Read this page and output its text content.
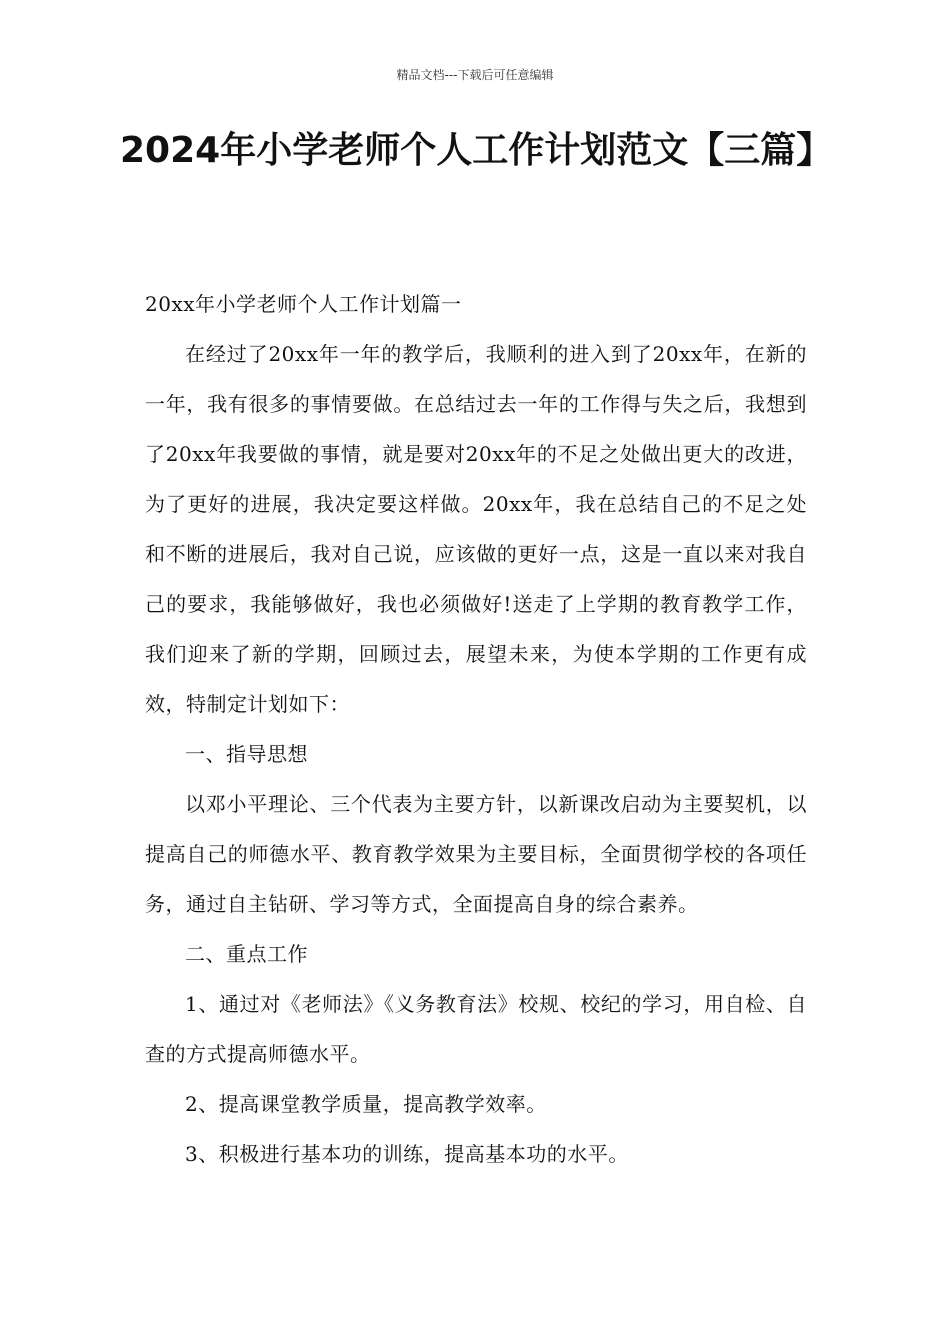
精品文档---下载后可任意编辑
2024年小学老师个人工作计划范文【三篇】

20xx年小学老师个人工作计划篇一

在经过了20xx年一年的教学后，我顺利的进入到了20xx年，在新的一年，我有很多的事情要做。在总结过去一年的工作得与失之后，我想到了20xx年我要做的事情，就是要对20xx年的不足之处做出更大的改进，为了更好的进展，我决定要这样做。20xx年，我在总结自己的不足之处和不断的进展后，我对自己说，应该做的更好一点，这是一直以来对我自己的要求，我能够做好，我也必须做好!送走了上学期的教育教学工作，我们迎来了新的学期，回顾过去，展望未来，为使本学期的工作更有成效，特制定计划如下：

一、指导思想

以邓小平理论、三个代表为主要方针，以新课改启动为主要契机，以提高自己的师德水平、教育教学效果为主要目标，全面贯彻学校的各项任务，通过自主钻研、学习等方式，全面提高自身的综合素养。

二、重点工作

1、通过对《老师法》《义务教育法》校规、校纪的学习，用自检、自查的方式提高师德水平。

2、提高课堂教学质量，提高教学效率。

3、积极进行基本功的训练，提高基本功的水平。
